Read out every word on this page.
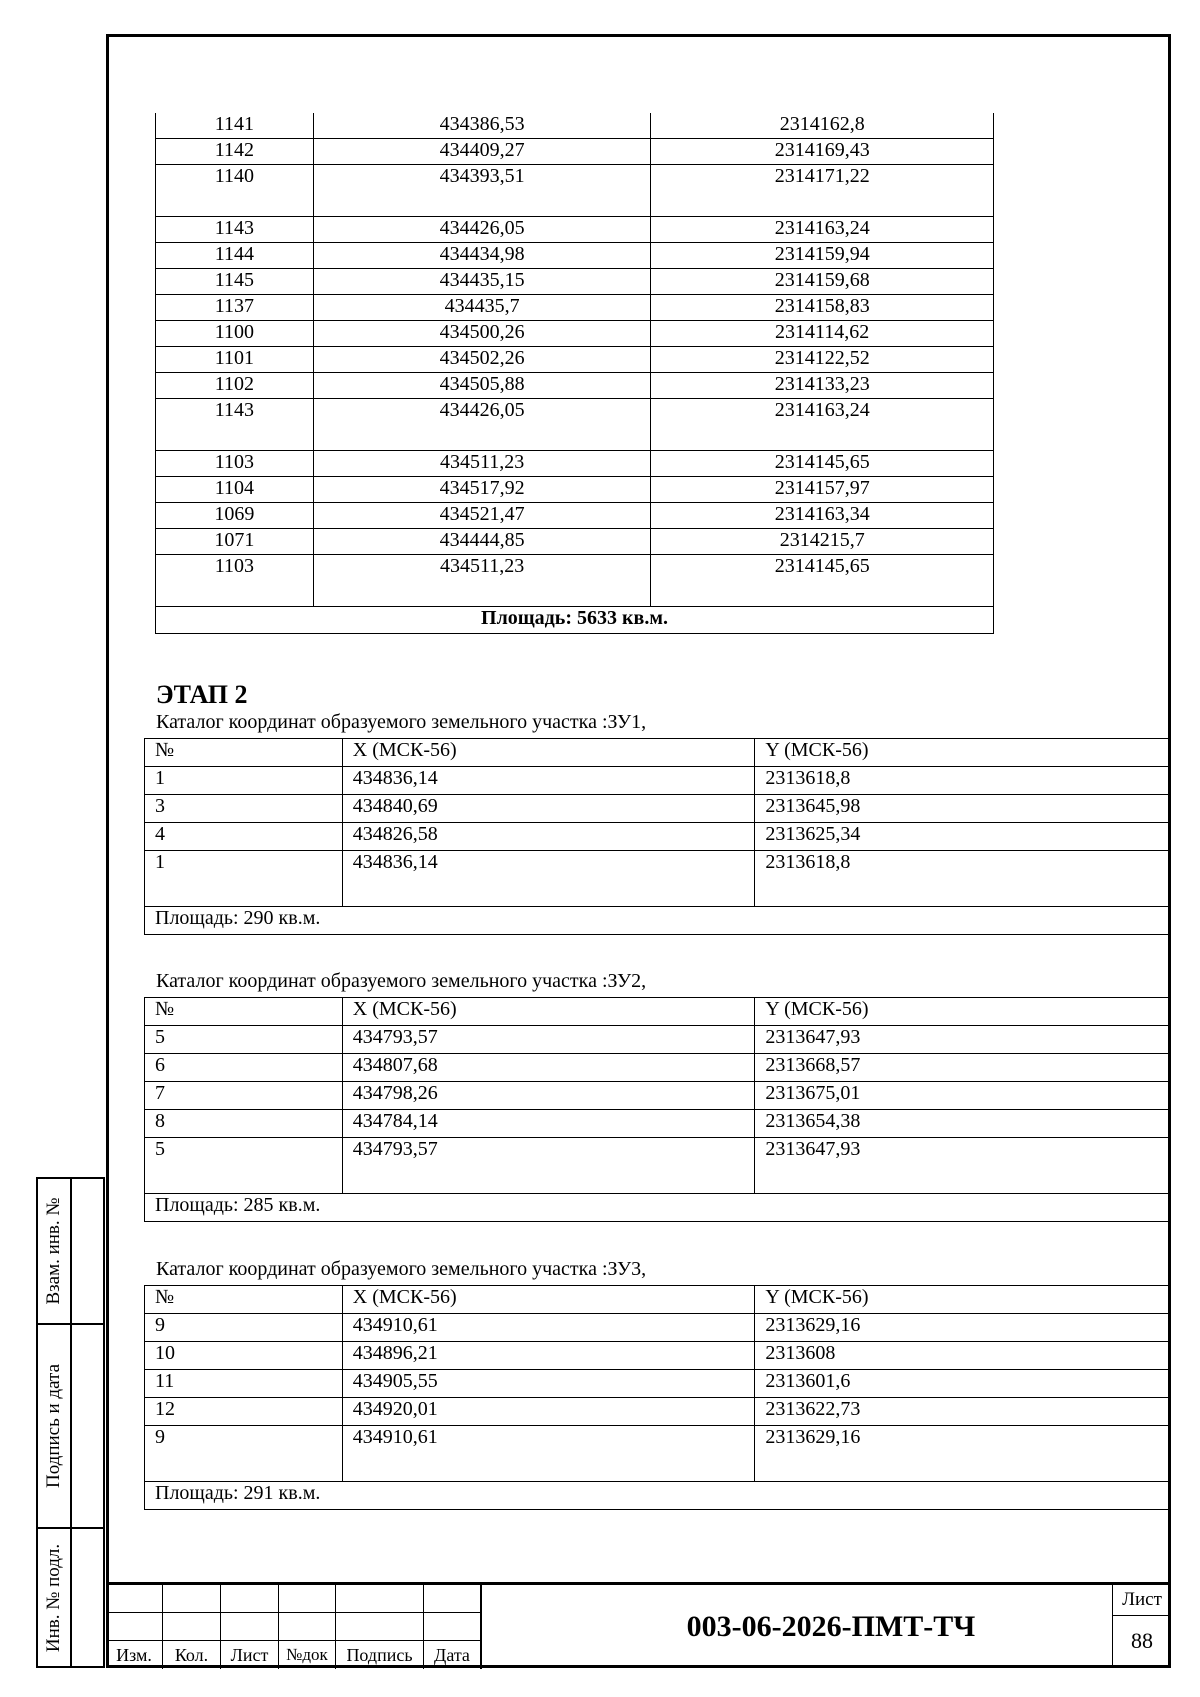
1141	434386,53	2314162,8
1142	434409,27	2314169,43
1140	434393,51	2314171,22
1143	434426,05	2314163,24
1144	434434,98	2314159,94
1145	434435,15	2314159,68
1137	434435,7	2314158,83
1100	434500,26	2314114,62
1101	434502,26	2314122,52
1102	434505,88	2314133,23
1143	434426,05	2314163,24
1103	434511,23	2314145,65
1104	434517,92	2314157,97
1069	434521,47	2314163,34
1071	434444,85	2314215,7
1103	434511,23	2314145,65
Площадь: 5633 кв.м.		
ЭТАП 2
Каталог координат образуемого земельного участка :ЗУ1,
№	X (МСК-56)	Y (МСК-56)
1	434836,14	2313618,8
3	434840,69	2313645,98
4	434826,58	2313625,34
1	434836,14	2313618,8
Площадь: 290 кв.м.		
Каталог координат образуемого земельного участка :ЗУ2,
№	X (МСК-56)	Y (МСК-56)
5	434793,57	2313647,93
6	434807,68	2313668,57
7	434798,26	2313675,01
8	434784,14	2313654,38
5	434793,57	2313647,93
Площадь: 285 кв.м.		
Каталог координат образуемого земельного участка :ЗУ3,
№	X (МСК-56)	Y (МСК-56)
9	434910,61	2313629,16
10	434896,21	2313608
11	434905,55	2313601,6
12	434920,01	2313622,73
9	434910,61	2313629,16
Площадь: 291 кв.м.		
Взам. инв. №
Подпись и дата
Инв. № подл.
Изм.	Кол.	Лист	№док	Подпись	Дата
003-06-2026-ПМТ-ТЧ
Лист
88
